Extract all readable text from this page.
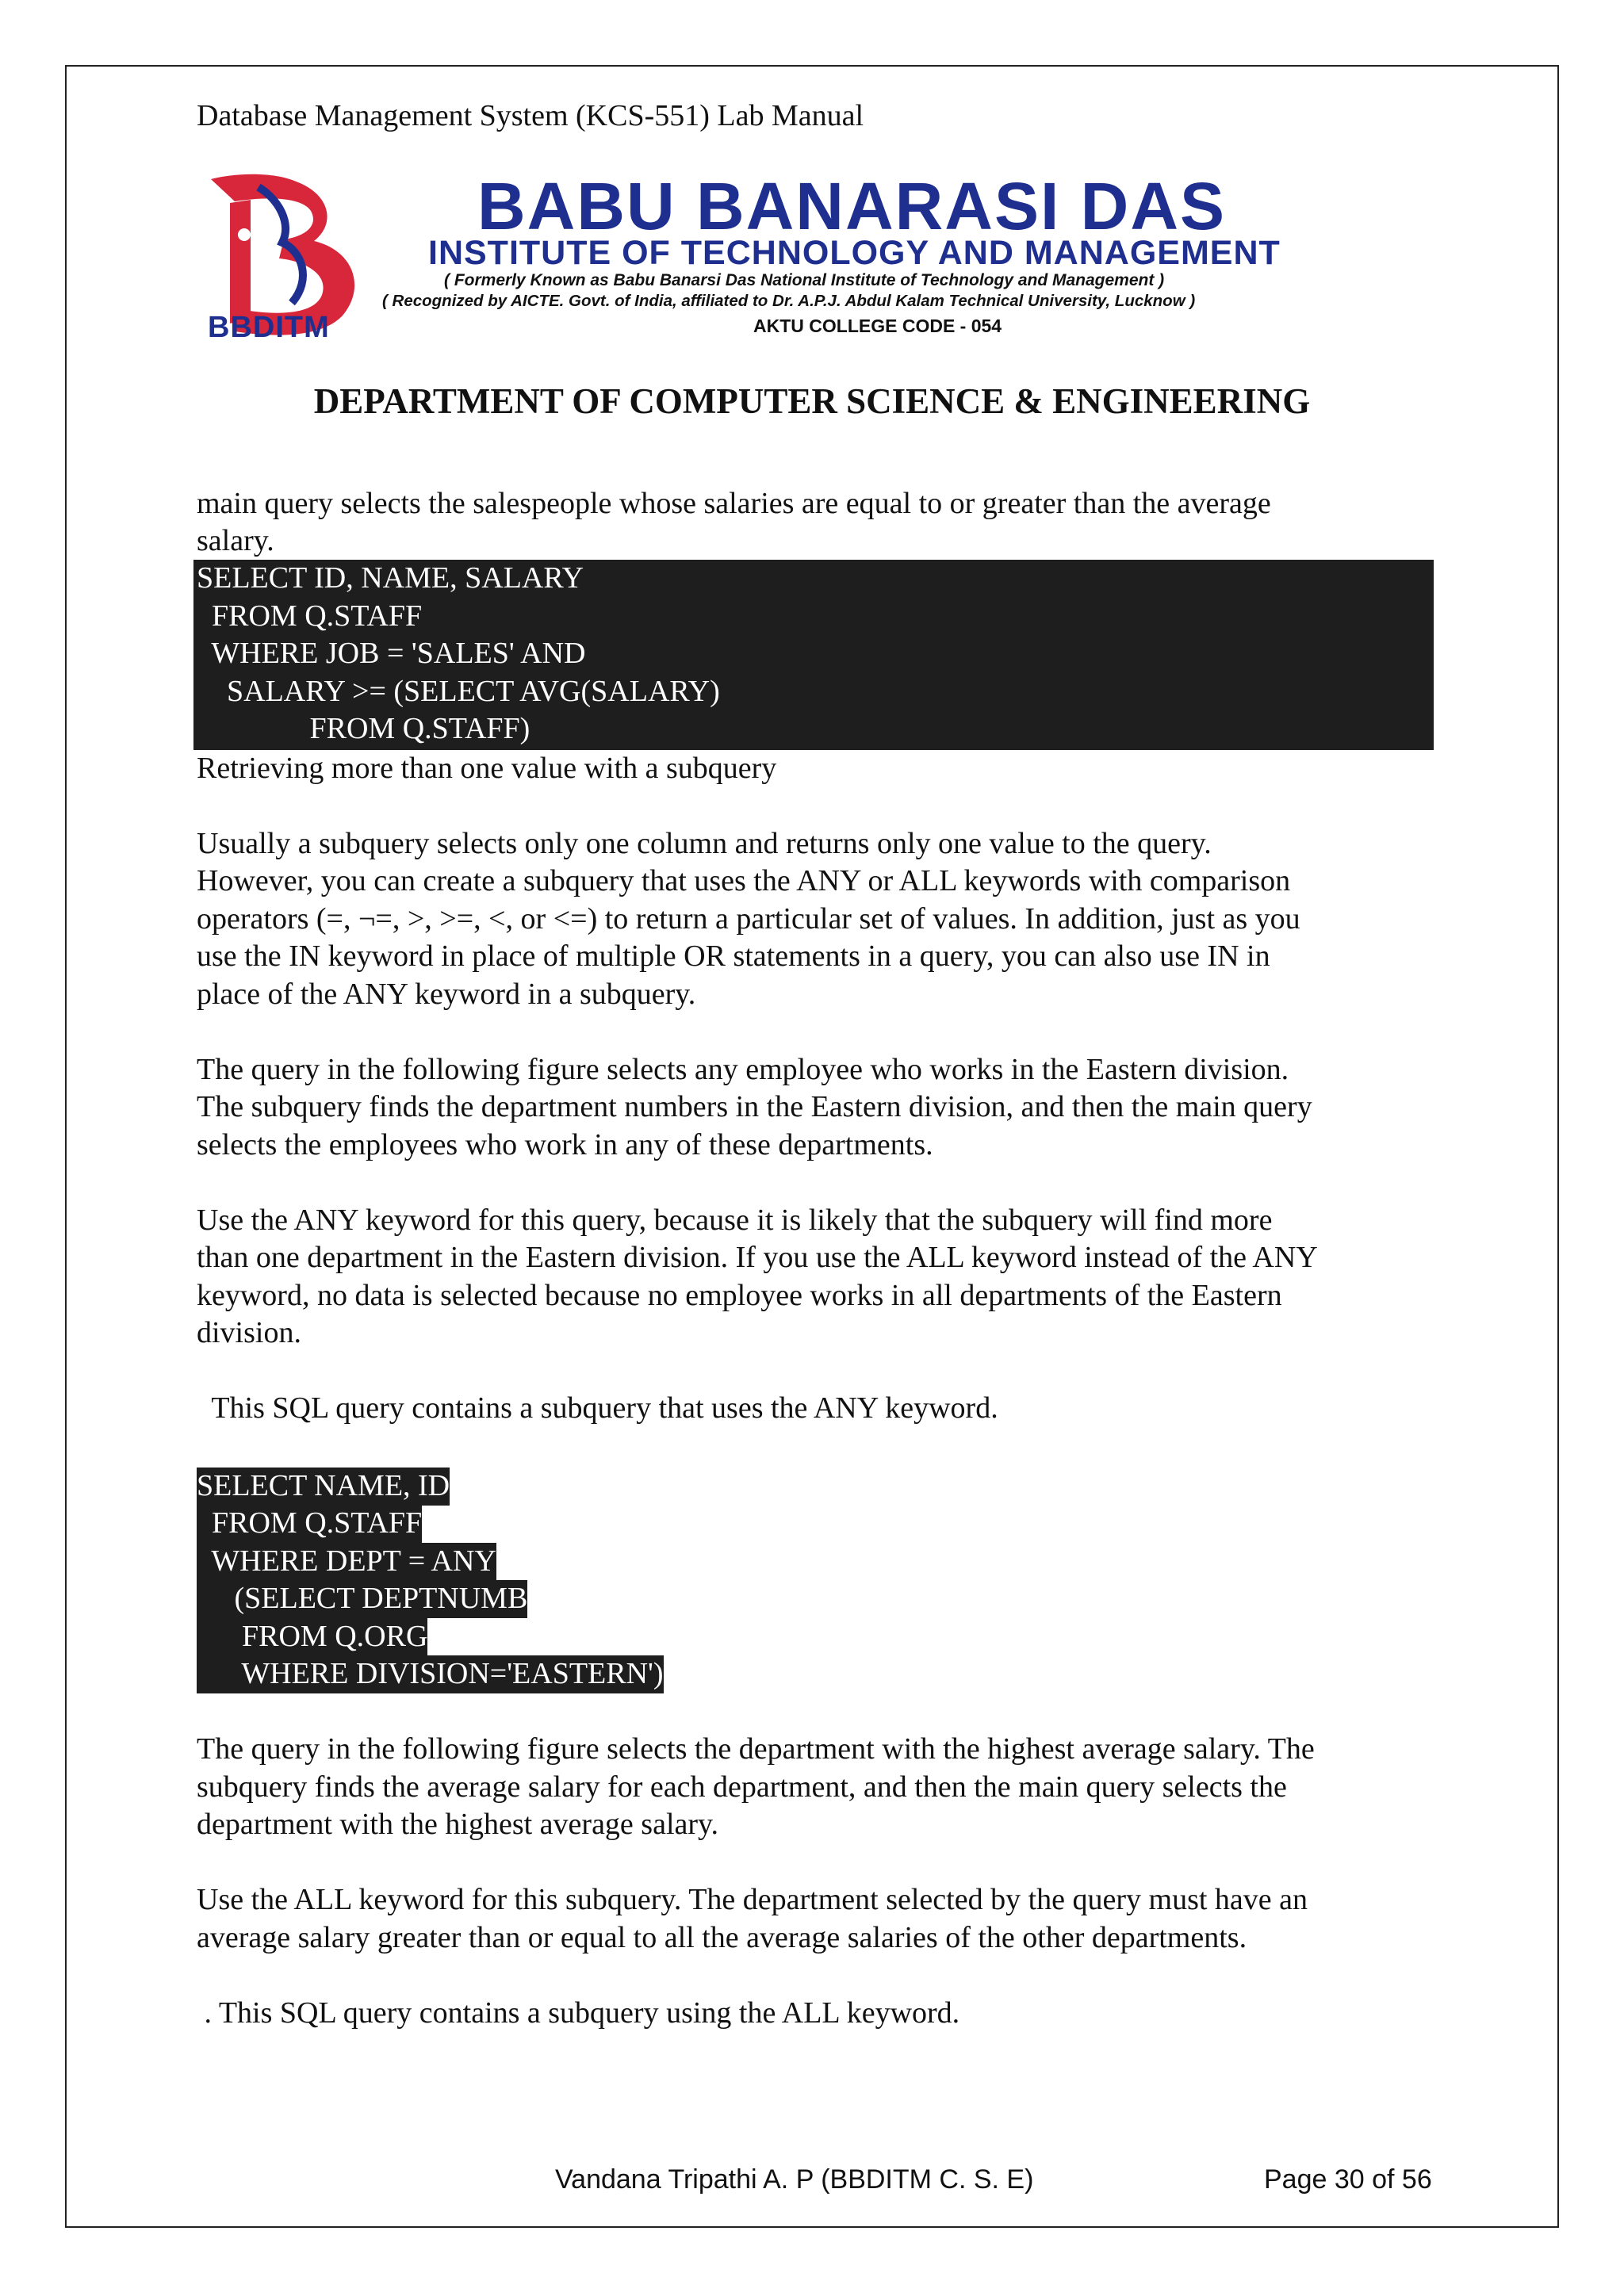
Database Management System (KCS-551) Lab Manual
BBDITM
BABU BANARASI DAS
INSTITUTE OF TECHNOLOGY AND MANAGEMENT
( Formerly Known as Babu Banarsi Das National Institute of Technology and Management )
( Recognized by AICTE. Govt. of India, affiliated to Dr. A.P.J. Abdul Kalam Technical University, Lucknow )
AKTU COLLEGE CODE - 054
DEPARTMENT OF COMPUTER SCIENCE & ENGINEERING
main query selects the salespeople whose salaries are equal to or greater than the average
salary.
SELECT ID, NAME, SALARY
FROM Q.STAFF
WHERE JOB = 'SALES' AND
SALARY >= (SELECT AVG(SALARY)
FROM Q.STAFF)
Retrieving more than one value with a subquery
Usually a subquery selects only one column and returns only one value to the query.
However, you can create a subquery that uses the ANY or ALL keywords with comparison
operators (=, ¬=, >, >=, <, or <=) to return a particular set of values. In addition, just as you
use the IN keyword in place of multiple OR statements in a query, you can also use IN in
place of the ANY keyword in a subquery.
The query in the following figure selects any employee who works in the Eastern division.
The subquery finds the department numbers in the Eastern division, and then the main query
selects the employees who work in any of these departments.
Use the ANY keyword for this query, because it is likely that the subquery will find more
than one department in the Eastern division. If you use the ALL keyword instead of the ANY
keyword, no data is selected because no employee works in all departments of the Eastern
division.
This SQL query contains a subquery that uses the ANY keyword.
SELECT NAME, ID
FROM Q.STAFF
WHERE DEPT = ANY
(SELECT DEPTNUMB
FROM Q.ORG
WHERE DIVISION='EASTERN')
The query in the following figure selects the department with the highest average salary. The
subquery finds the average salary for each department, and then the main query selects the
department with the highest average salary.
Use the ALL keyword for this subquery. The department selected by the query must have an
average salary greater than or equal to all the average salaries of the other departments.
. This SQL query contains a subquery using the ALL keyword.
Vandana Tripathi A. P (BBDITM C. S. E)	Page 30 of 56
